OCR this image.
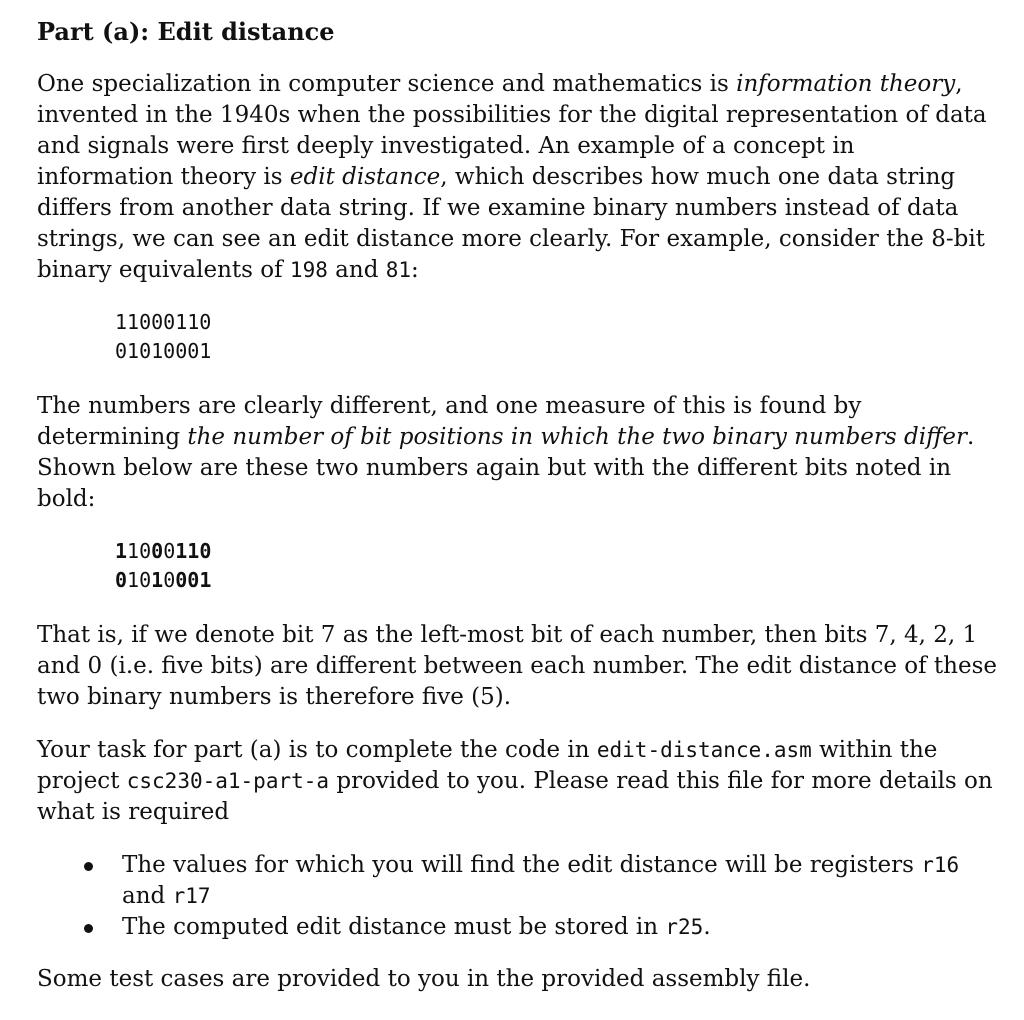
Part (a): Edit distance

One specialization in computer science and mathematics is information theory, invented in the 1940s when the possibilities for the digital representation of data and signals were first deeply investigated. An example of a concept in information theory is edit distance, which describes how much one data string differs from another data string. If we examine binary numbers instead of data strings, we can see an edit distance more clearly. For example, consider the 8-bit binary equivalents of 198 and 81:

11000110
01010001

The numbers are clearly different, and one measure of this is found by determining the number of bit positions in which the two binary numbers differ. Shown below are these two numbers again but with the different bits noted in bold:

11000110
01010001

That is, if we denote bit 7 as the left-most bit of each number, then bits 7, 4, 2, 1 and 0 (i.e. five bits) are different between each number. The edit distance of these two binary numbers is therefore five (5).

Your task for part (a) is to complete the code in edit-distance.asm within the project csc230-a1-part-a provided to you. Please read this file for more details on what is required

The values for which you will find the edit distance will be registers r16 and r17
The computed edit distance must be stored in r25.

Some test cases are provided to you in the provided assembly file.
